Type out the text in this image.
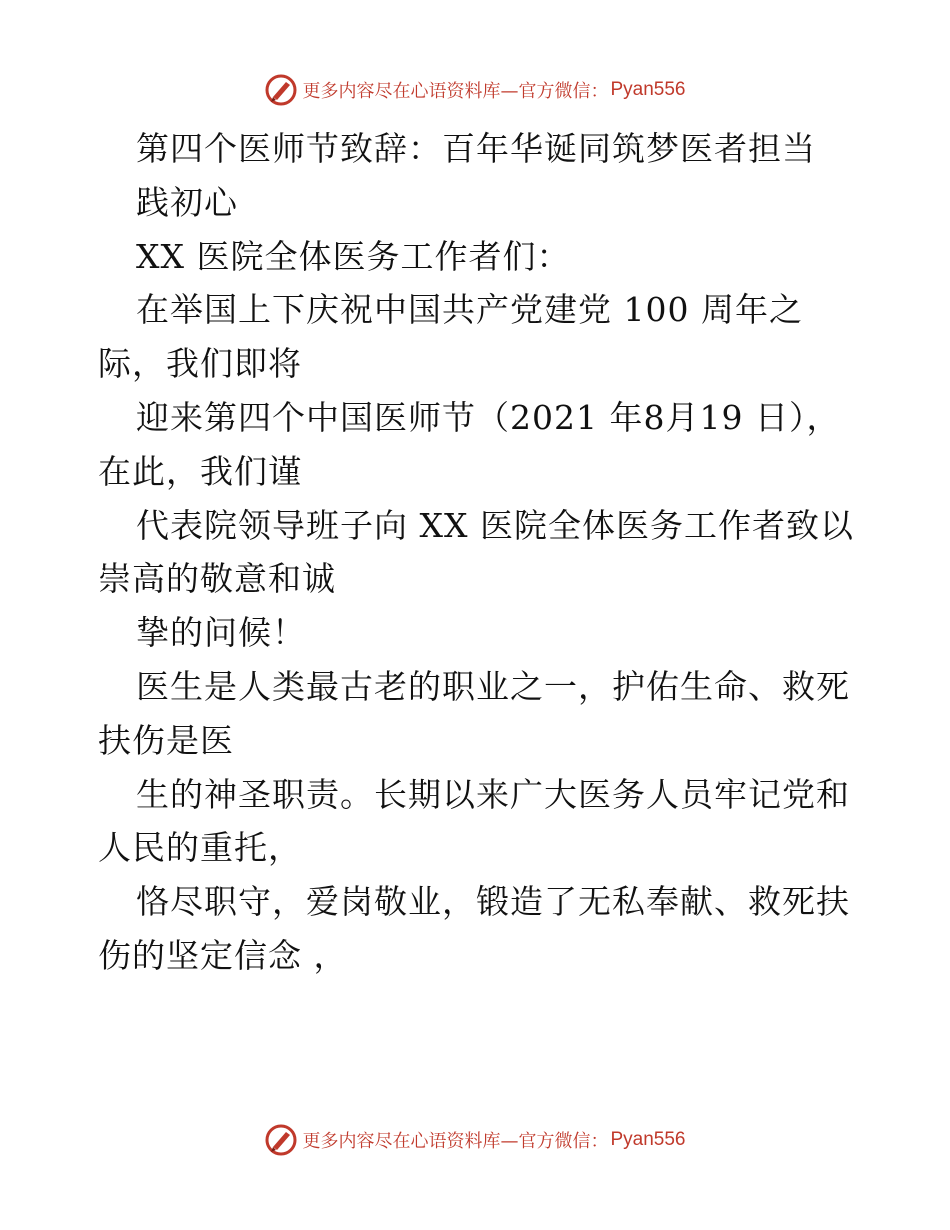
更多内容尽在心语资料库—官方微信： Pyan556
第四个医师节致辞：百年华诞同筑梦医者担当
践初心
XX 医院全体医务工作者们：
在举国上下庆祝中国共产党建党 100 周年之
际，我们即将
迎来第四个中国医师节（2021 年8月19 日），
在此，我们谨
代表院领导班子向 XX 医院全体医务工作者致以
崇高的敬意和诚
挚的问候！
医生是人类最古老的职业之一，护佑生命、救死
扶伤是医
生的神圣职责。长期以来广大医务人员牢记党和
人民的重托，
恪尽职守，爱岗敬业，锻造了无私奉献、救死扶
伤的坚定信念 ，
更多内容尽在心语资料库—官方微信： Pyan556
